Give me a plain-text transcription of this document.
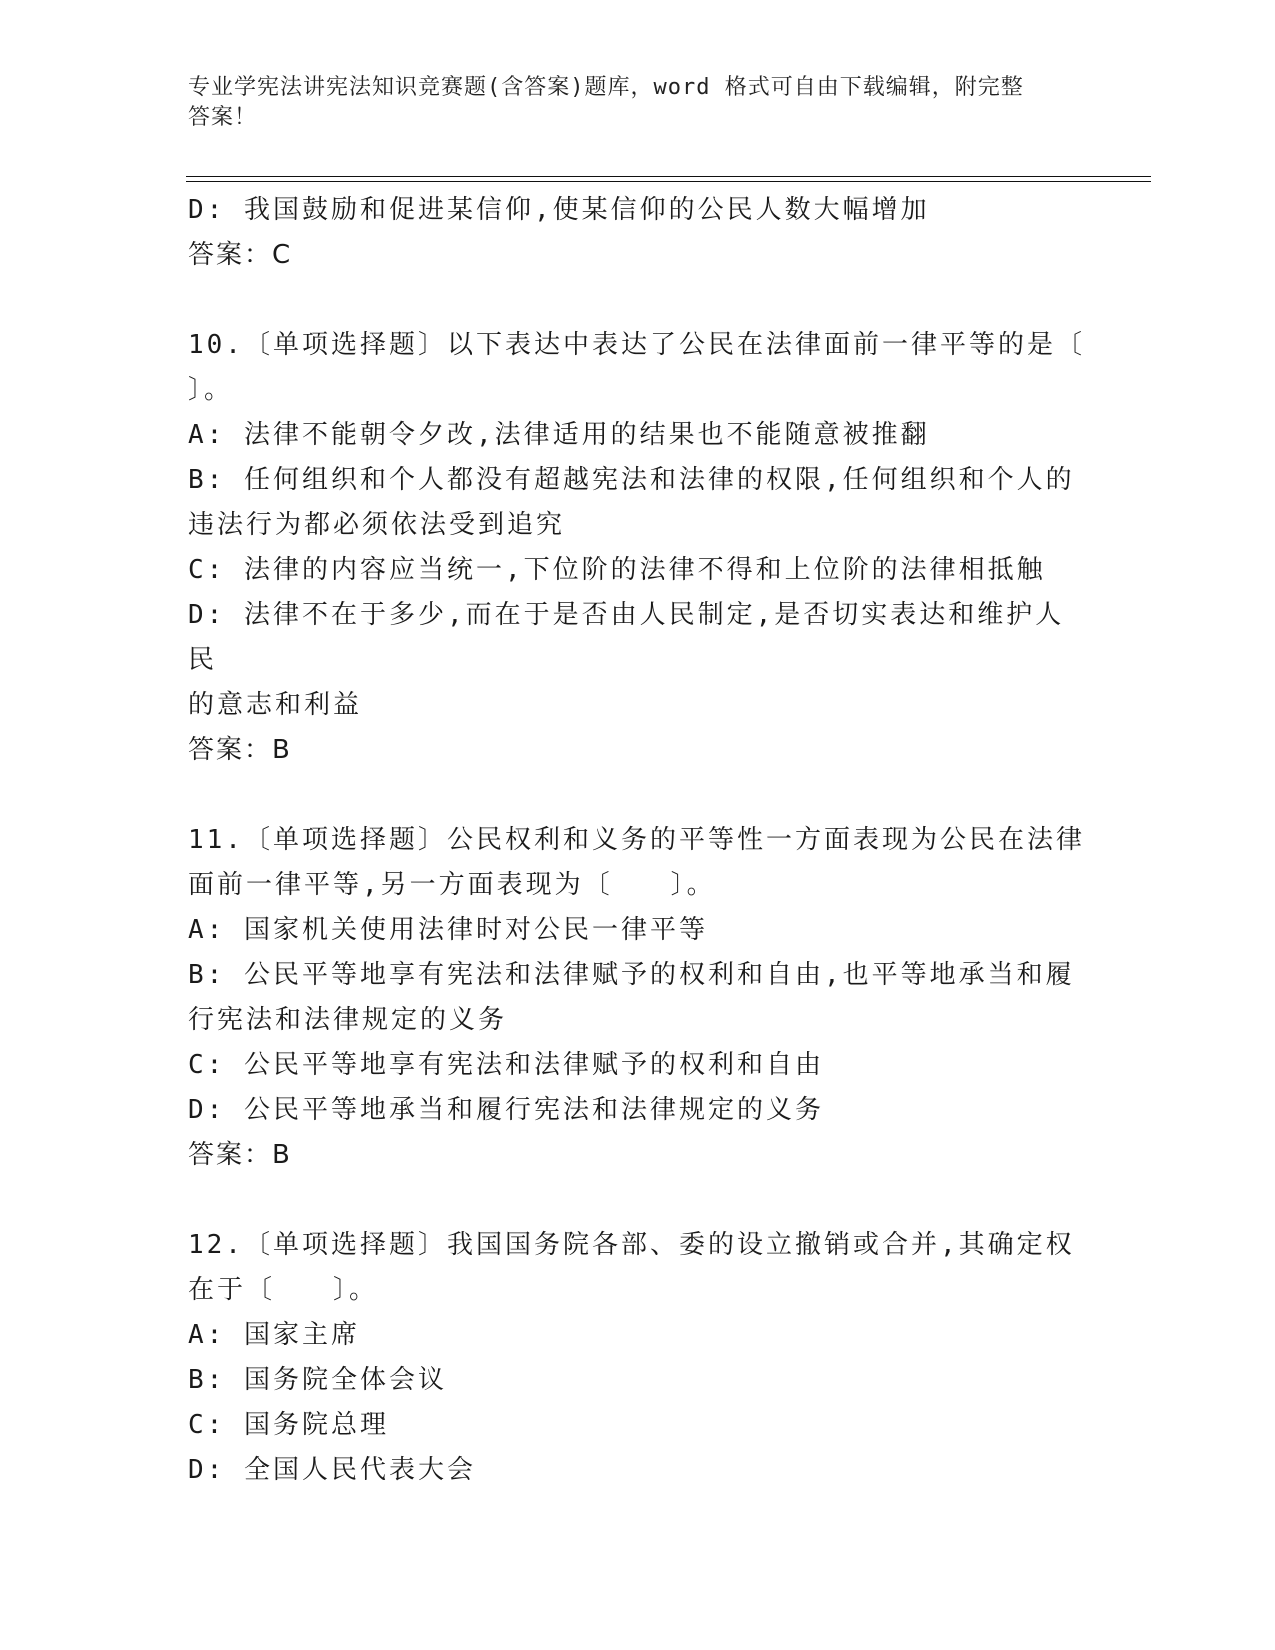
专业学宪法讲宪法知识竞赛题(含答案)题库，word 格式可自由下载编辑，附完整
答案！
D: 我国鼓励和促进某信仰,使某信仰的公民人数大幅增加
答案：C
10.〔单项选择题〕以下表达中表达了公民在法律面前一律平等的是〔
〕。
A: 法律不能朝令夕改,法律适用的结果也不能随意被推翻
B: 任何组织和个人都没有超越宪法和法律的权限,任何组织和个人的
违法行为都必须依法受到追究
C: 法律的内容应当统一,下位阶的法律不得和上位阶的法律相抵触
D: 法律不在于多少,而在于是否由人民制定,是否切实表达和维护人民
的意志和利益
答案：B
11.〔单项选择题〕公民权利和义务的平等性一方面表现为公民在法律
面前一律平等,另一方面表现为〔　　〕。
A: 国家机关使用法律时对公民一律平等
B: 公民平等地享有宪法和法律赋予的权利和自由,也平等地承当和履
行宪法和法律规定的义务
C: 公民平等地享有宪法和法律赋予的权利和自由
D: 公民平等地承当和履行宪法和法律规定的义务
答案：B
12.〔单项选择题〕我国国务院各部、委的设立撤销或合并,其确定权
在于〔　　〕。
A: 国家主席
B: 国务院全体会议
C: 国务院总理
D: 全国人民代表大会
